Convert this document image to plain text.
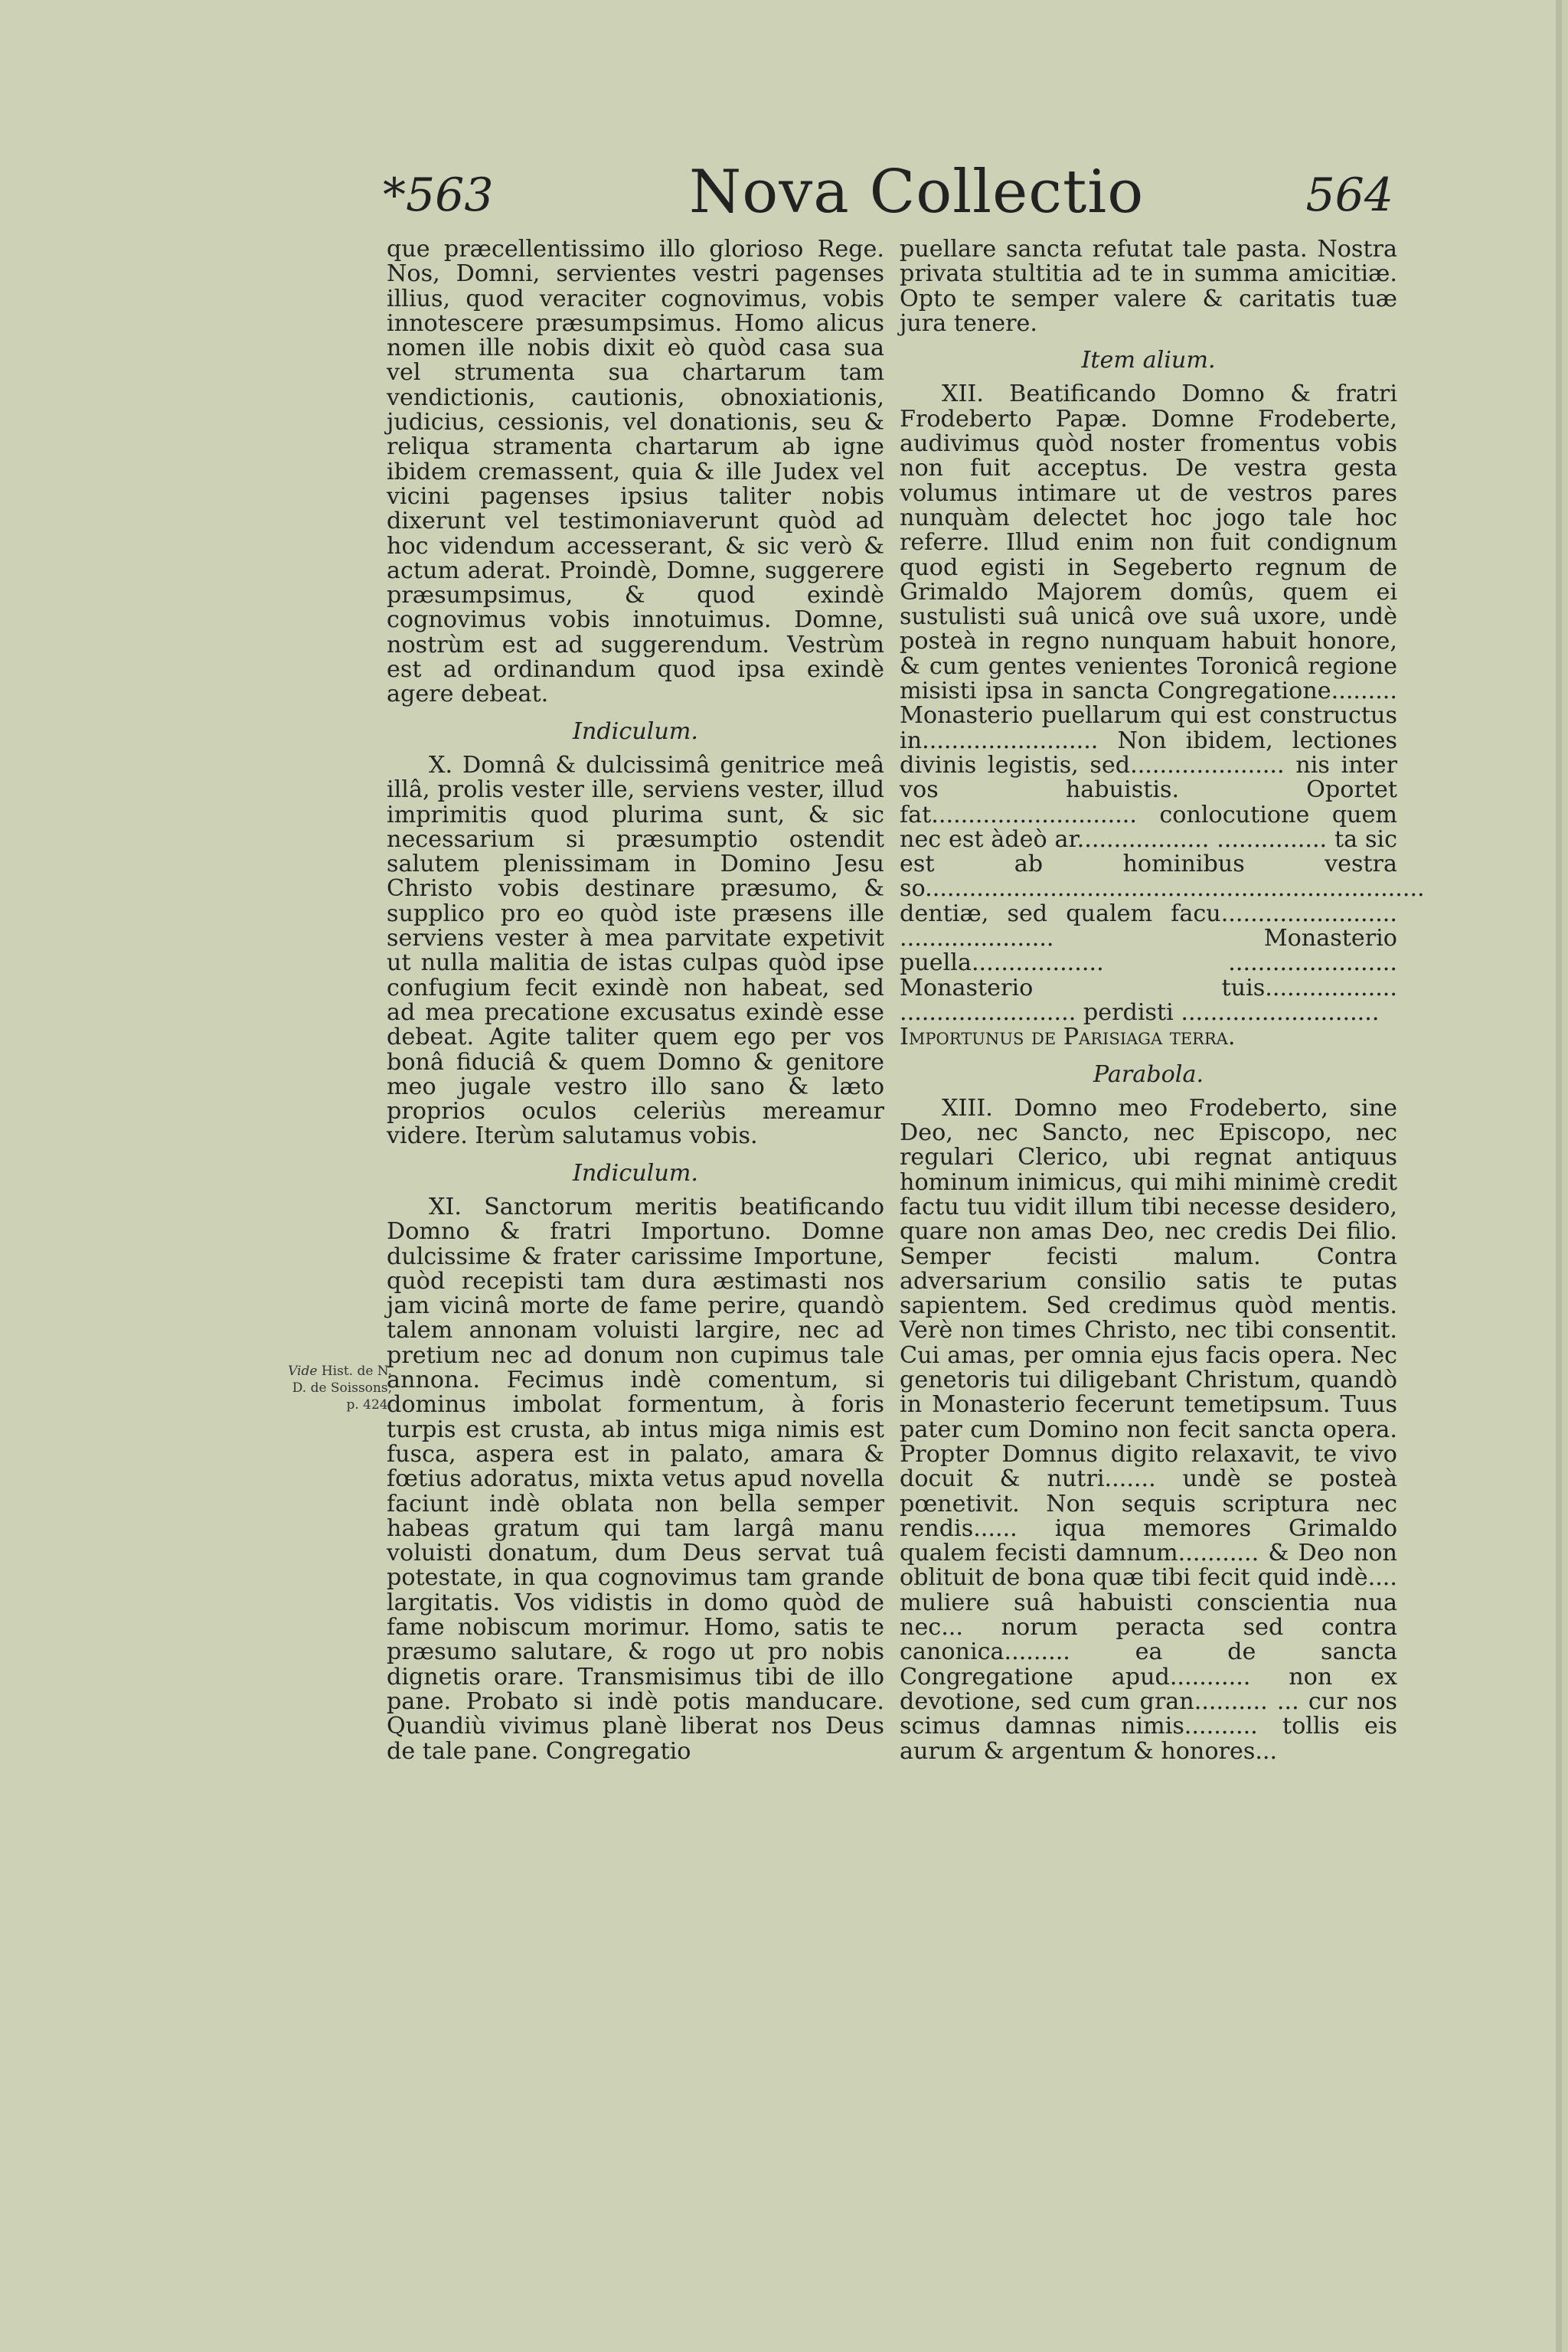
*563	Nova Collectio	564
Vide Hist. de N. D. de Soissons, p. 424.

que præcellentissimo illo glorioso Rege. Nos, Domni, servientes vestri pagenses illius, quod veraciter cognovimus, vobis innotescere præsumpsimus. Homo alicus nomen ille nobis dixit eò quòd casa sua vel strumenta sua chartarum tam vendictionis, cautionis, obnoxiationis, judicius, cessionis, vel donationis, seu & reliqua stramenta chartarum ab igne ibidem cremassent, quia & ille Judex vel vicini pagenses ipsius taliter nobis dixerunt vel testimoniaverunt quòd ad hoc videndum accesserant, & sic verò & actum aderat. Proindè, Domne, suggerere præsumpsimus, & quod exindè cognovimus vobis innotuimus. Domne, nostrùm est ad suggerendum. Vestrùm est ad ordinandum quod ipsa exindè agere debeat.

Indiculum.

X. Domnâ & dulcissimâ genitrice meâ illâ, prolis vester ille, serviens vester, illud imprimitis quod plurima sunt, & sic necessarium si præsumptio ostendit salutem plenissimam in Domino Jesu Christo vobis destinare præsumo, & supplico pro eo quòd iste præsens ille serviens vester à mea parvitate expetivit ut nulla malitia de istas culpas quòd ipse confugium fecit exindè non habeat, sed ad mea precatione excusatus exindè esse debeat. Agite taliter quem ego per vos bonâ fiduciâ & quem Domno & genitore meo jugale vestro illo sano & læto proprios oculos celeriùs mereamur videre. Iterùm salutamus vobis.

Indiculum.

XI. Sanctorum meritis beatificando Domno & fratri Importuno. Domne dulcissime & frater carissime Importune, quòd recepisti tam dura æstimasti nos jam vicinâ morte de fame perire, quandò talem annonam voluisti largire, nec ad pretium nec ad donum non cupimus tale annona. Fecimus indè comentum, si dominus imbolat formentum, à foris turpis est crusta, ab intus miga nimis est fusca, aspera est in palato, amara & fœtius adoratus, mixta vetus apud novella faciunt indè oblata non bella semper habeas gratum qui tam largâ manu voluisti donatum, dum Deus servat tuâ potestate, in qua cognovimus tam grande largitatis. Vos vidistis in domo quòd de fame nobiscum morimur. Homo, satis te præsumo salutare, & rogo ut pro nobis dignetis orare. Transmisimus tibi de illo pane. Probato si indè potis manducare. Quandiù vivimus planè liberat nos Deus de tale pane. Congregatio

puellare sancta refutat tale pasta. Nostra privata stultitia ad te in summa amicitiæ. Opto te semper valere & caritatis tuæ jura tenere.

Item alium.

XII. Beatificando Domno & fratri Frodeberto Papæ. Domne Frodeberte, audivimus quòd noster fromentus vobis non fuit acceptus. De vestra gesta volumus intimare ut de vestros pares nunquàm delectet hoc jogo tale hoc referre. Illud enim non fuit condignum quod egisti in Segeberto regnum de Grimaldo Majorem domûs, quem ei sustulisti suâ unicâ ove suâ uxore, undè posteà in regno nunquam habuit honore, & cum gentes venientes Toronicâ regione misisti ipsa in sancta Congregatione......... Monasterio puellarum qui est constructus in........................ Non ibidem, lectiones divinis legistis, sed..................... nis inter vos habuistis. Oportet fat............................ conlocutione quem nec est àdeò ar.................. ............... ta sic est ab hominibus vestra so.................................................................... dentiæ, sed qualem facu........................ ..................... Monasterio puella.................. ....................... Monasterio tuis.................. ........................ perdisti ...........................

Importunus de Parisiaga terra.

Parabola.

XIII. Domno meo Frodeberto, sine Deo, nec Sancto, nec Episcopo, nec regulari Clerico, ubi regnat antiquus hominum inimicus, qui mihi minimè credit factu tuu vidit illum tibi necesse desidero, quare non amas Deo, nec credis Dei filio. Semper fecisti malum. Contra adversarium consilio satis te putas sapientem. Sed credimus quòd mentis. Verè non times Christo, nec tibi consentit. Cui amas, per omnia ejus facis opera. Nec genetoris tui diligebant Christum, quandò in Monasterio fecerunt temetipsum. Tuus pater cum Domino non fecit sancta opera. Propter Domnus digito relaxavit, te vivo docuit & nutri....... undè se posteà pœnetivit. Non sequis scriptura nec rendis...... iqua memores Grimaldo qualem fecisti damnum........... & Deo non oblituit de bona quæ tibi fecit quid indè.... muliere suâ habuisti conscientia nua nec... norum peracta sed contra canonica......... ea de sancta Congregatione apud........... non ex devotione, sed cum gran.......... ... cur nos scimus damnas nimis.......... tollis eis aurum & argentum & honores...
